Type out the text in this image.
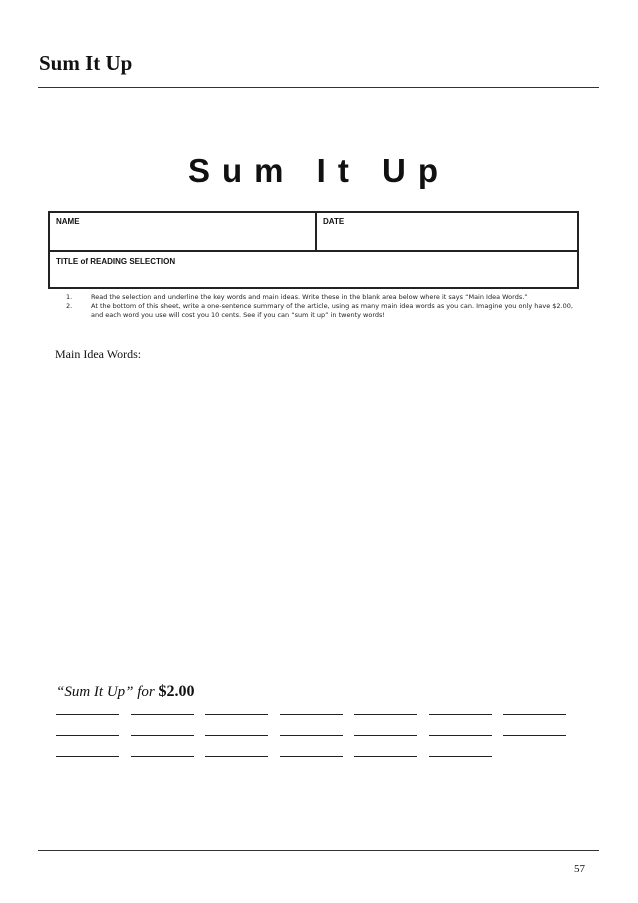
Sum It Up
Sum It Up
NAME	DATE
TITLE of READING SELECTION
1.	Read the selection and underline the key words and main ideas. Write these in the blank area below where it says “Main Idea Words.”
2.	At the bottom of this sheet, write a one-sentence summary of the article, using as many main idea words as you can. Imagine you only have $2.00, and each word you use will cost you 10 cents. See if you can “sum it up” in twenty words!
Main Idea Words:
“Sum It Up” for $2.00
57
